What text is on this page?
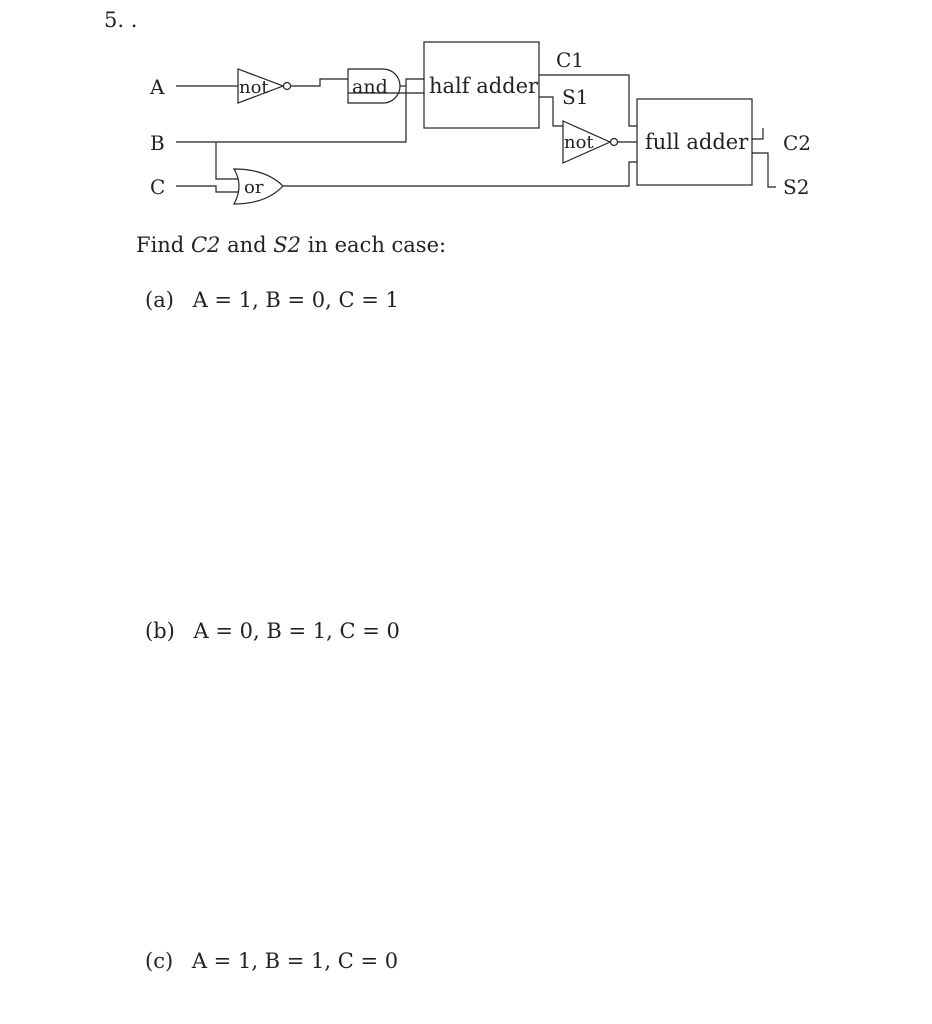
5. .
A
B
C
not	and half adder
C1
S1
not
or
full adder C2
S2
Find C2 and S2 in each case:
(a) A = 1, B = 0, C = 1
(b) A = 0, B = 1, C = 0
(c) A = 1, B = 1, C = 0
